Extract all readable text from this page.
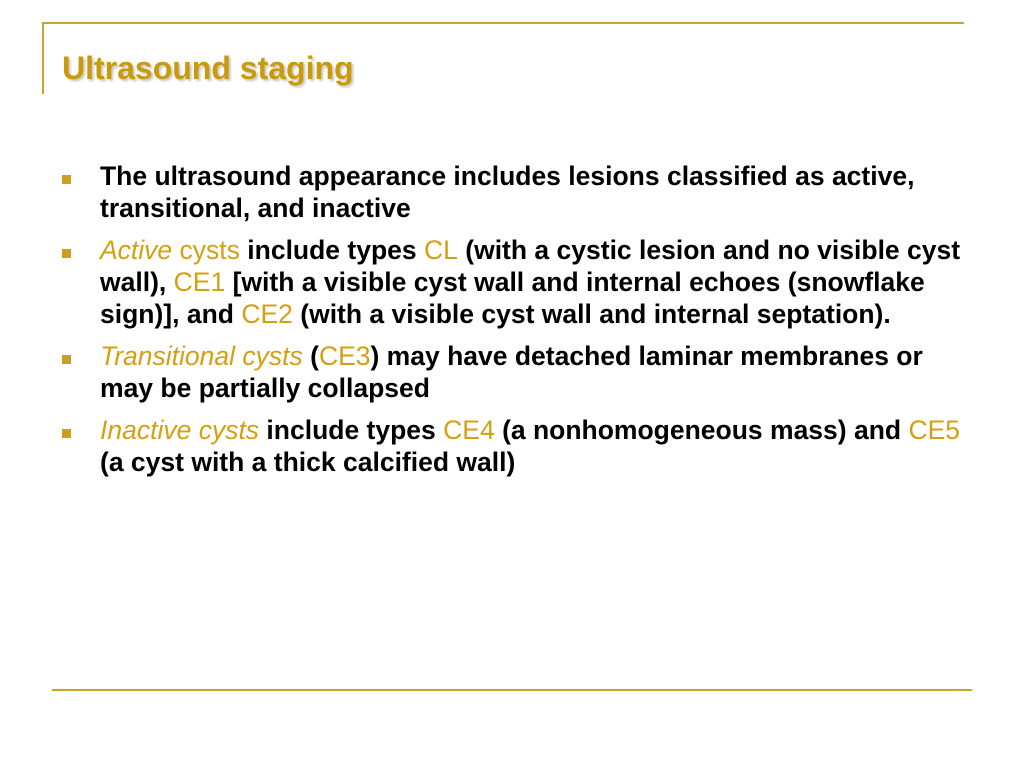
Ultrasound staging
The ultrasound appearance includes lesions classified as active, transitional, and inactive
Active cysts include types CL (with a cystic lesion and no visible cyst wall), CE1 [with a visible cyst wall and internal echoes (snowflake sign)], and CE2 (with a visible cyst wall and internal septation).
Transitional cysts (CE3) may have detached laminar membranes or may be partially collapsed
Inactive cysts include types CE4 (a nonhomogeneous mass) and CE5 (a cyst with a thick calcified wall)
